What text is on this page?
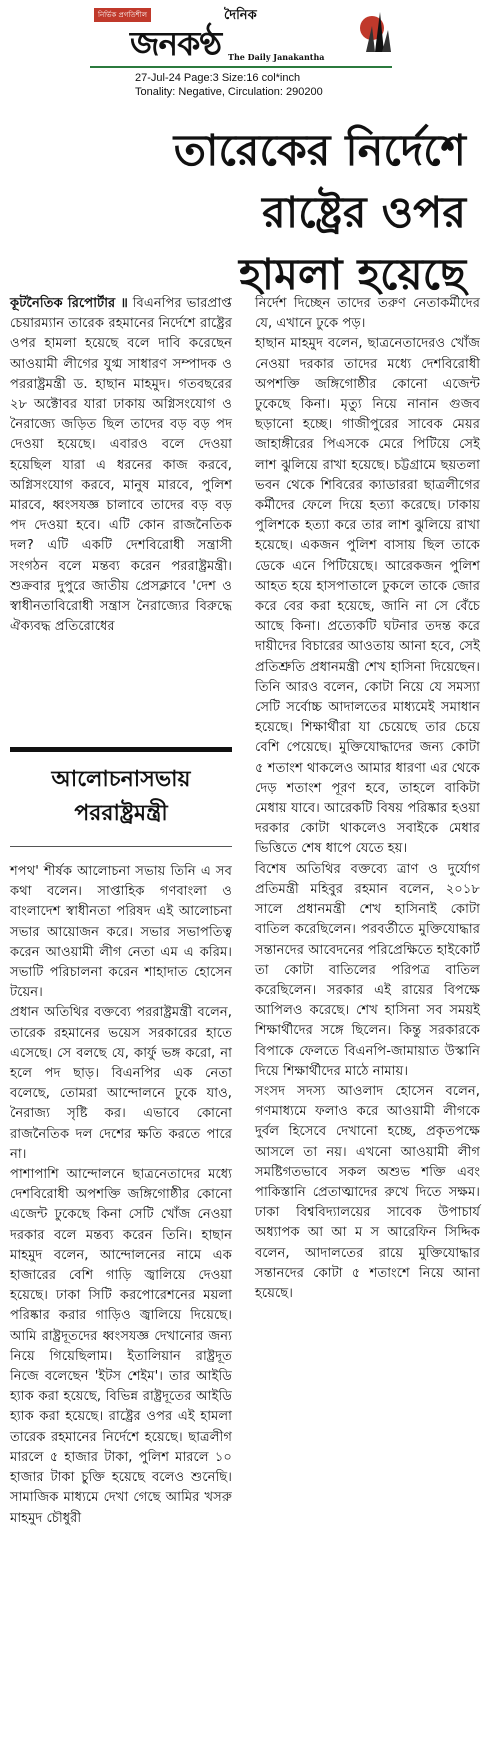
নির্ভিক প্রগতিশীল	দৈনিক
জনকণ্ঠ The Daily Janakantha
27-Jul-24 Page:3 Size:16 col*inch
Tonality: Negative, Circulation: 290200
তারেকের নির্দেশে
রাষ্ট্রের ওপর
হামলা হয়েছে

কূটনৈতিক রিপোর্টার ॥ বিএনপির ভারপ্রাপ্ত চেয়ারম্যান তারেক রহমানের নির্দেশে রাষ্ট্রের ওপর হামলা হয়েছে বলে দাবি করেছেন আওয়ামী লীগের যুগ্ম সাধারণ সম্পাদক ও পররাষ্ট্রমন্ত্রী ড. হাছান মাহমুদ। গতবছরের ২৮ অক্টোবর যারা ঢাকায় অগ্নিসংযোগ ও নৈরাজ্যে জড়িত ছিল তাদের বড় বড় পদ দেওয়া হয়েছে। এবারও বলে দেওয়া হয়েছিল যারা এ ধরনের কাজ করবে, অগ্নিসংযোগ করবে, মানুষ মারবে, পুলিশ মারবে, ধ্বংসযজ্ঞ চালাবে তাদের বড় বড় পদ দেওয়া হবে। এটি কোন রাজনৈতিক দল? এটি একটি দেশবিরোধী সন্ত্রাসী সংগঠন বলে মন্তব্য করেন পররাষ্ট্রমন্ত্রী। শুক্রবার দুপুরে জাতীয় প্রেসক্লাবে 'দেশ ও স্বাধীনতাবিরোধী সন্ত্রাস নৈরাজ্যের বিরুদ্ধে ঐক্যবদ্ধ প্রতিরোধের

আলোচনাসভায়
পররাষ্ট্রমন্ত্রী

শপথ' শীর্ষক আলোচনা সভায় তিনি এ সব কথা বলেন। সাপ্তাহিক গণবাংলা ও বাংলাদেশ স্বাধীনতা পরিষদ এই আলোচনা সভার আয়োজন করে। সভার সভাপতিত্ব করেন আওয়ামী লীগ নেতা এম এ করিম। সভাটি পরিচালনা করেন শাহাদাত হোসেন টয়েন।

প্রধান অতিথির বক্তব্যে পররাষ্ট্রমন্ত্রী বলেন, তারেক রহমানের ভয়েস সরকারের হাতে এসেছে। সে বলছে যে, কার্ফু ভঙ্গ করো, না হলে পদ ছাড়। বিএনপির এক নেতা বলেছে, তোমরা আন্দোলনে ঢুকে যাও, নৈরাজ্য সৃষ্টি কর। এভাবে কোনো রাজনৈতিক দল দেশের ক্ষতি করতে পারে না।

পাশাপাশি আন্দোলনে ছাত্রনেতাদের মধ্যে দেশবিরোধী অপশক্তি জঙ্গিগোষ্ঠীর কোনো এজেন্ট ঢুকেছে কিনা সেটি খোঁজ নেওয়া দরকার বলে মন্তব্য করেন তিনি। হাছান মাহমুদ বলেন, আন্দোলনের নামে এক হাজারের বেশি গাড়ি জ্বালিয়ে দেওয়া হয়েছে। ঢাকা সিটি করপোরেশনের ময়লা পরিষ্কার করার গাড়িও জ্বালিয়ে দিয়েছে। আমি রাষ্ট্রদূতদের ধ্বংসযজ্ঞ দেখানোর জন্য নিয়ে গিয়েছিলাম। ইতালিয়ান রাষ্ট্রদূত নিজে বলেছেন 'ইটস শেইম'। তার আইডি হ্যাক করা হয়েছে, বিভিন্ন রাষ্ট্রদূতের আইডি হ্যাক করা হয়েছে। রাষ্ট্রের ওপর এই হামলা তারেক রহমানের নির্দেশে হয়েছে। ছাত্রলীগ মারলে ৫ হাজার টাকা, পুলিশ মারলে ১০ হাজার টাকা চুক্তি হয়েছে বলেও শুনেছি। সামাজিক মাধ্যমে দেখা গেছে আমির খসরু মাহমুদ চৌধুরী

নির্দেশ দিচ্ছেন তাদের তরুণ নেতাকর্মীদের যে, এখানে ঢুকে পড়।

হাছান মাহমুদ বলেন, ছাত্রনেতাদেরও খোঁজ নেওয়া দরকার তাদের মধ্যে দেশবিরোধী অপশক্তি জঙ্গিগোষ্ঠীর কোনো এজেন্ট ঢুকেছে কিনা। মৃত্যু নিয়ে নানান গুজব ছড়ানো হচ্ছে। গাজীপুরের সাবেক মেয়র জাহাঙ্গীরের পিএসকে মেরে পিটিয়ে সেই লাশ ঝুলিয়ে রাখা হয়েছে। চট্টগ্রামে ছয়তলা ভবন থেকে শিবিরের ক্যাডাররা ছাত্রলীগের কর্মীদের ফেলে দিয়ে হত্যা করেছে। ঢাকায় পুলিশকে হত্যা করে তার লাশ ঝুলিয়ে রাখা হয়েছে। একজন পুলিশ বাসায় ছিল তাকে ডেকে এনে পিটিয়েছে। আরেকজন পুলিশ আহত হয়ে হাসপাতালে ঢুকলে তাকে জোর করে বের করা হয়েছে, জানি না সে বেঁচে আছে কিনা। প্রত্যেকটি ঘটনার তদন্ত করে দায়ীদের বিচারের আওতায় আনা হবে, সেই প্রতিশ্রুতি প্রধানমন্ত্রী শেখ হাসিনা দিয়েছেন। তিনি আরও বলেন, কোটা নিয়ে যে সমস্যা সেটি সর্বোচ্চ আদালতের মাধ্যমেই সমাধান হয়েছে। শিক্ষার্থীরা যা চেয়েছে তার চেয়ে বেশি পেয়েছে। মুক্তিযোদ্ধাদের জন্য কোটা ৫ শতাংশ থাকলেও আমার ধারণা এর থেকে দেড় শতাংশ পূরণ হবে, তাহলে বাকিটা মেধায় যাবে। আরেকটি বিষয় পরিষ্কার হওয়া দরকার কোটা থাকলেও সবাইকে মেধার ভিত্তিতে শেষ ধাপে যেতে হয়।

বিশেষ অতিথির বক্তব্যে ত্রাণ ও দুর্যোগ প্রতিমন্ত্রী মহিবুর রহমান বলেন, ২০১৮ সালে প্রধানমন্ত্রী শেখ হাসিনাই কোটা বাতিল করেছিলেন। পরবর্তীতে মুক্তিযোদ্ধার সন্তানদের আবেদনের পরিপ্রেক্ষিতে হাইকোর্ট তা কোটা বাতিলের পরিপত্র বাতিল করেছিলেন। সরকার এই রায়ের বিপক্ষে আপিলও করেছে। শেখ হাসিনা সব সময়ই শিক্ষার্থীদের সঙ্গে ছিলেন। কিন্তু সরকারকে বিপাকে ফেলতে বিএনপি-জামায়াত উস্কানি দিয়ে শিক্ষার্থীদের মাঠে নামায়।

সংসদ সদস্য আওলাদ হোসেন বলেন, গণমাধ্যমে ফলাও করে আওয়ামী লীগকে দুর্বল হিসেবে দেখানো হচ্ছে, প্রকৃতপক্ষে আসলে তা নয়। এখনো আওয়ামী লীগ সমষ্টিগতভাবে সকল অশুভ শক্তি এবং পাকিস্তানি প্রেতাত্মাদের রুখে দিতে সক্ষম। ঢাকা বিশ্ববিদ্যালয়ের সাবেক উপাচার্য অধ্যাপক আ আ ম স আরেফিন সিদ্দিক বলেন, আদালতের রায়ে মুক্তিযোদ্ধার সন্তানদের কোটা ৫ শতাংশে নিয়ে আনা হয়েছে।
